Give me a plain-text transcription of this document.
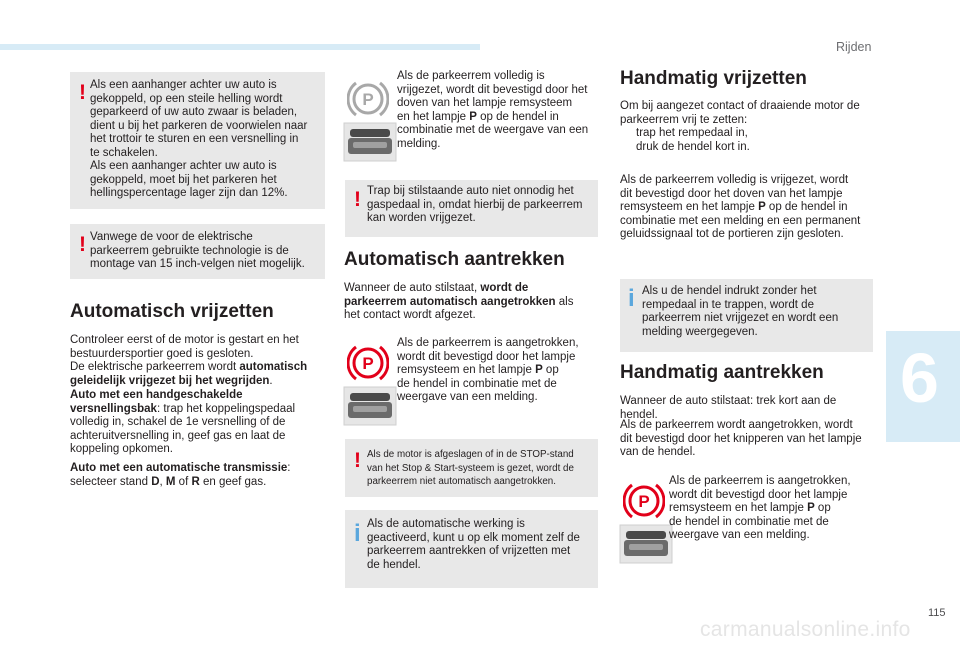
Rijden
6
115
carmanualsonline.info
! Als een aanhanger achter uw auto is
gekoppeld, op een steile helling wordt
geparkeerd of uw auto zwaar is beladen,
dient u bij het parkeren de voorwielen naar
het trottoir te sturen en een versnelling in
te schakelen.
Als een aanhanger achter uw auto is
gekoppeld, moet bij het parkeren het
hellingspercentage lager zijn dan 12%.
! Vanwege de voor de elektrische
parkeerrem gebruikte technologie is de
montage van 15 inch-velgen niet mogelijk.
Automatisch vrijzetten
Controleer eerst of de motor is gestart en het
bestuurdersportier goed is gesloten.
De elektrische parkeerrem wordt automatisch geleidelijk vrijgezet bij het wegrijden.
Auto met een handgeschakelde versnellingsbak: trap het koppelingspedaal volledig in, schakel de 1e versnelling of de achteruitversnelling in, geef gas en laat de koppeling opkomen.
Auto met een automatische transmissie:
selecteer stand D, M of R en geef gas.
P
Als de parkeerrem volledig is
vrijgezet, wordt dit bevestigd door het
doven van het lampje remsysteem
en het lampje P op de hendel in
combinatie met de weergave van een
melding.
! Trap bij stilstaande auto niet onnodig het
gaspedaal in, omdat hierbij de parkeerrem
kan worden vrijgezet.
Automatisch aantrekken
Wanneer de auto stilstaat, wordt de
parkeerrem automatisch aangetrokken als
het contact wordt afgezet.
P
Als de parkeerrem is aangetrokken,
wordt dit bevestigd door het lampje
remsysteem en het lampje P op
de hendel in combinatie met de
weergave van een melding.
! Als de motor is afgeslagen of in de STOP-stand
van het Stop & Start-systeem is gezet, wordt de
parkeerrem niet automatisch aangetrokken.
i Als de automatische werking is
geactiveerd, kunt u op elk moment zelf de
parkeerrem aantrekken of vrijzetten met
de hendel.
Handmatig vrijzetten
Om bij aangezet contact of draaiende motor de
parkeerrem vrij te zetten:
trap het rempedaal in,
druk de hendel kort in.
Als de parkeerrem volledig is vrijgezet, wordt
dit bevestigd door het doven van het lampje
remsysteem en het lampje P op de hendel in
combinatie met een melding en een permanent
geluidssignaal tot de portieren zijn gesloten.
i Als u de hendel indrukt zonder het
rempedaal in te trappen, wordt de
parkeerrem niet vrijgezet en wordt een
melding weergegeven.
Handmatig aantrekken
Wanneer de auto stilstaat: trek kort aan de
hendel.
Als de parkeerrem wordt aangetrokken, wordt
dit bevestigd door het knipperen van het lampje
van de hendel.
P
Als de parkeerrem is aangetrokken,
wordt dit bevestigd door het lampje
remsysteem en het lampje P op
de hendel in combinatie met de
weergave van een melding.
